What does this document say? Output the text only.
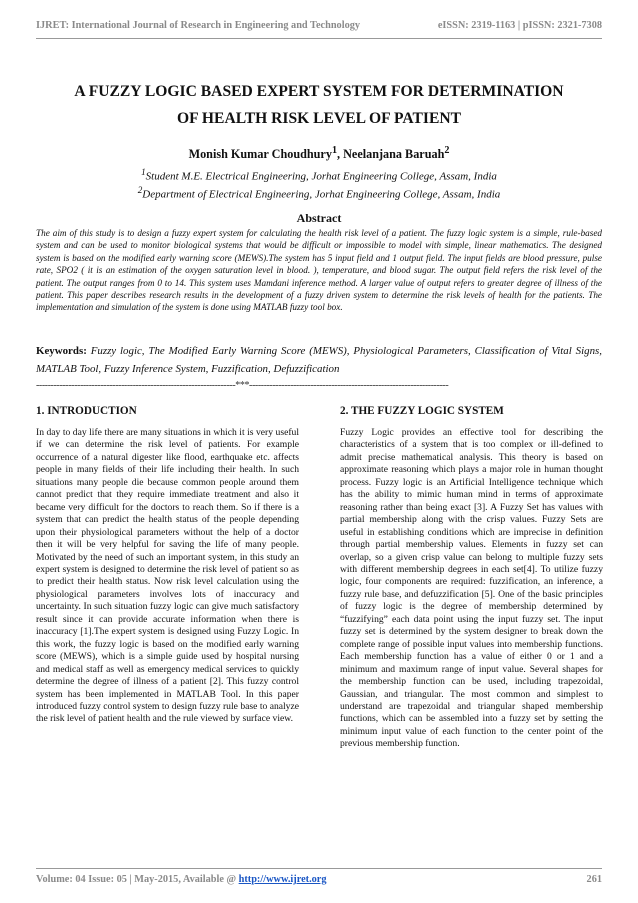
IJRET: International Journal of Research in Engineering and Technology	eISSN: 2319-1163 | pISSN: 2321-7308
A FUZZY LOGIC BASED EXPERT SYSTEM FOR DETERMINATION
OF HEALTH RISK LEVEL OF PATIENT
Monish Kumar Choudhury$^1$, Neelanjana Baruah$^2$
$^1$Student M.E. Electrical Engineering, Jorhat Engineering College, Assam, India
$^2$Department of Electrical Engineering, Jorhat Engineering College, Assam, India
Abstract
The aim of this study is to design a fuzzy expert system for calculating the health risk level of a patient. The fuzzy logic system is a simple, rule-based system and can be used to monitor biological systems that would be difficult or impossible to model with simple, linear mathematics. The designed system is based on the modified early warning score (MEWS).The system has 5 input field and 1 output field. The input fields are blood pressure, pulse rate, SPO2 ( it is an estimation of the oxygen saturation level in blood. ), temperature, and blood sugar. The output field refers the risk level of the patient. The output ranges from 0 to 14. This system uses Mamdani inference method. A larger value of output refers to greater degree of illness of the patient. This paper describes research results in the development of a fuzzy driven system to determine the risk levels of health for the patients. The implementation and simulation of the system is done using MATLAB fuzzy tool box.
Keywords: Fuzzy logic, The Modified Early Warning Score (MEWS), Physiological Parameters, Classification of Vital Signs, MATLAB Tool, Fuzzy Inference System, Fuzzification, Defuzzification
--------------------------------------------------------------------***--------------------------------------------------------------------

1. INTRODUCTION

In day to day life there are many situations in which it is very useful if we can determine the risk level of patients. For example occurrence of a natural digester like flood, earthquake etc. affects people in many fields of their life including their health. In such situations many people die because common people around them cannot predict that they require immediate treatment and also it became very difficult for the doctors to reach them. So if there is a system that can predict the health status of the people depending upon their physiological parameters without the help of a doctor then it will be very helpful for saving the life of many people. Motivated by the need of such an important system, in this study an expert system is designed to determine the risk level of patient so as to predict their health status. Now risk level calculation using the physiological parameters involves lots of inaccuracy and uncertainty. In such situation fuzzy logic can give much satisfactory result since it can provide accurate information when there is inaccuracy [1].The expert system is designed using Fuzzy Logic. In this work, the fuzzy logic is based on the modified early warning score (MEWS), which is a simple guide used by hospital nursing and medical staff as well as emergency medical services to quickly determine the degree of illness of a patient [2]. This fuzzy control system has been implemented in MATLAB Tool. In this paper introduced fuzzy control system to design fuzzy rule base to analyze the risk level of patient health and the rule viewed by surface view.

2. THE FUZZY LOGIC SYSTEM

Fuzzy Logic provides an effective tool for describing the characteristics of a system that is too complex or ill-defined to admit precise mathematical analysis. This theory is based on approximate reasoning which plays a major role in human thought process. Fuzzy logic is an Artificial Intelligence technique which has the ability to mimic human mind in terms of approximate reasoning rather than being exact [3]. A Fuzzy Set has values with partial membership along with the crisp values. Fuzzy Sets are useful in establishing conditions which are imprecise in definition through partial membership values. Elements in fuzzy set can overlap, so a given crisp value can belong to multiple fuzzy sets with different membership degrees in each set[4]. To utilize fuzzy logic, four components are required: fuzzification, an inference, a fuzzy rule base, and defuzzification [5]. One of the basic principles of fuzzy logic is the degree of membership determined by “fuzzifying” each data point using the input fuzzy set. The input fuzzy set is determined by the system designer to break down the complete range of possible input values into membership functions. Each membership function has a value of either 0 or 1 and a minimum and maximum range of input value. Several shapes for the membership function can be used, including trapezoidal, Gaussian, and triangular. The most common and simplest to understand are trapezoidal and triangular shaped membership functions, which can be assembled into a fuzzy set by setting the minimum input value of each function to the center point of the previous membership function.

Volume: 04 Issue: 05 | May-2015, Available @ http://www.ijret.org	261
